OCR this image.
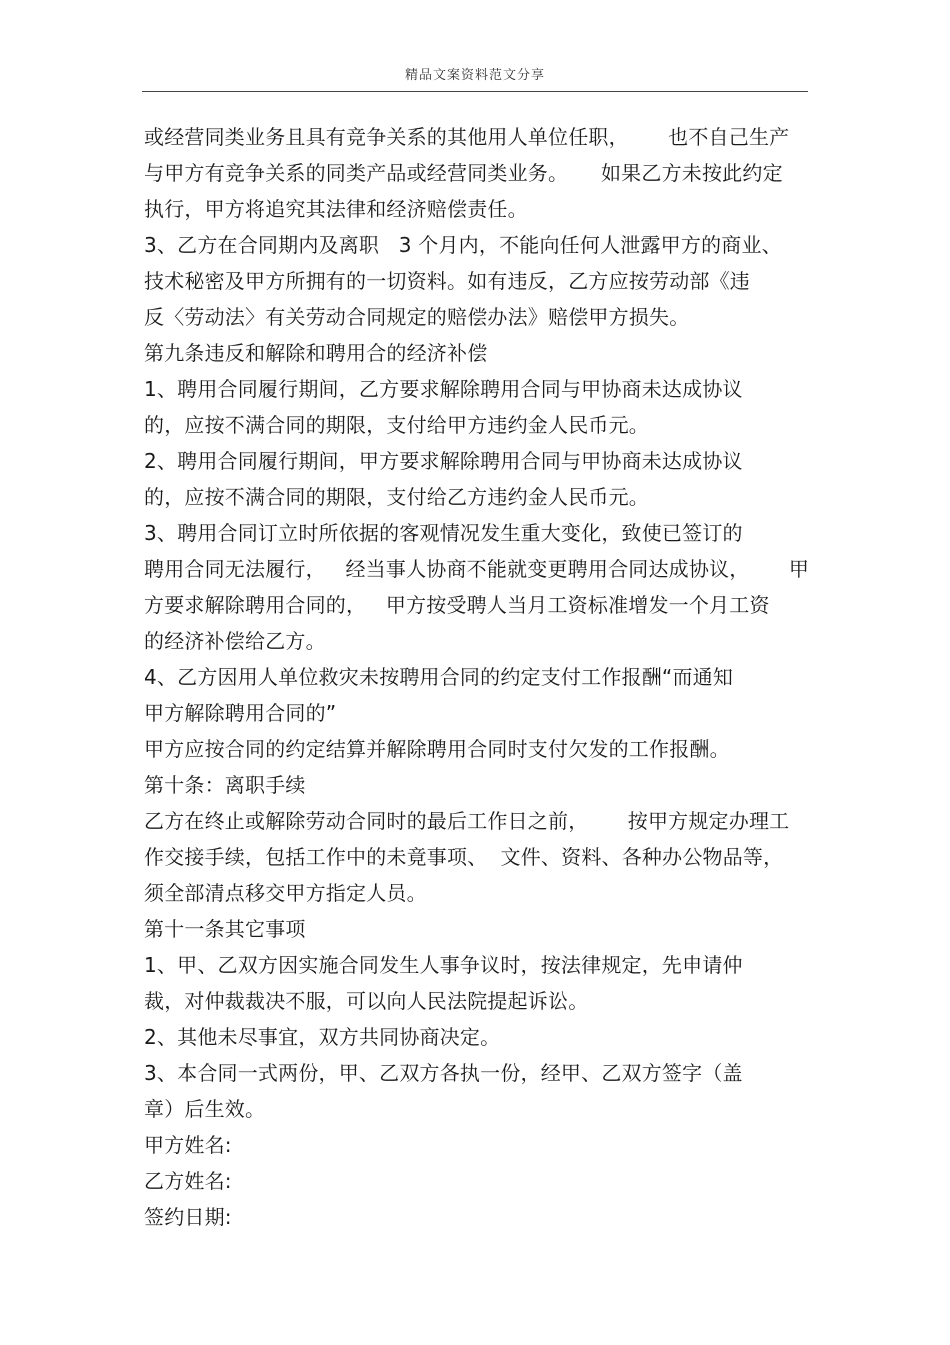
精品文案资料范文分享
或经营同类业务且具有竞争关系的其他用人单位任职，      也不自己生产
与甲方有竞争关系的同类产品或经营同类业务。     如果乙方未按此约定
执行，甲方将追究其法律和经济赔偿责任。
3、乙方在合同期内及离职   3 个月内，不能向任何人泄露甲方的商业、
技术秘密及甲方所拥有的一切资料。如有违反，乙方应按劳动部《违
反〈劳动法〉有关劳动合同规定的赔偿办法》赔偿甲方损失。
第九条违反和解除和聘用合的经济补偿
1、聘用合同履行期间，乙方要求解除聘用合同与甲协商未达成协议
的，应按不满合同的期限，支付给甲方违约金人民币元。
2、聘用合同履行期间，甲方要求解除聘用合同与甲协商未达成协议
的，应按不满合同的期限，支付给乙方违约金人民币元。
3、聘用合同订立时所依据的客观情况发生重大变化，致使已签订的
聘用合同无法履行，   经当事人协商不能就变更聘用合同达成协议，      甲
方要求解除聘用合同的，   甲方按受聘人当月工资标准增发一个月工资
的经济补偿给乙方。
4、乙方因用人单位救灾未按聘用合同的约定支付工作报酬“而通知
甲方解除聘用合同的”
甲方应按合同的约定结算并解除聘用合同时支付欠发的工作报酬。
第十条：离职手续
乙方在终止或解除劳动合同时的最后工作日之前，      按甲方规定办理工
作交接手续，包括工作中的未竟事项、  文件、资料、各种办公物品等，
须全部清点移交甲方指定人员。
第十一条其它事项
1、甲、乙双方因实施合同发生人事争议时，按法律规定，先申请仲
裁，对仲裁裁决不服，可以向人民法院提起诉讼。
2、其他未尽事宜，双方共同协商决定。
3、本合同一式两份，甲、乙双方各执一份，经甲、乙双方签字（盖
章）后生效。
甲方姓名:
乙方姓名:
签约日期:
